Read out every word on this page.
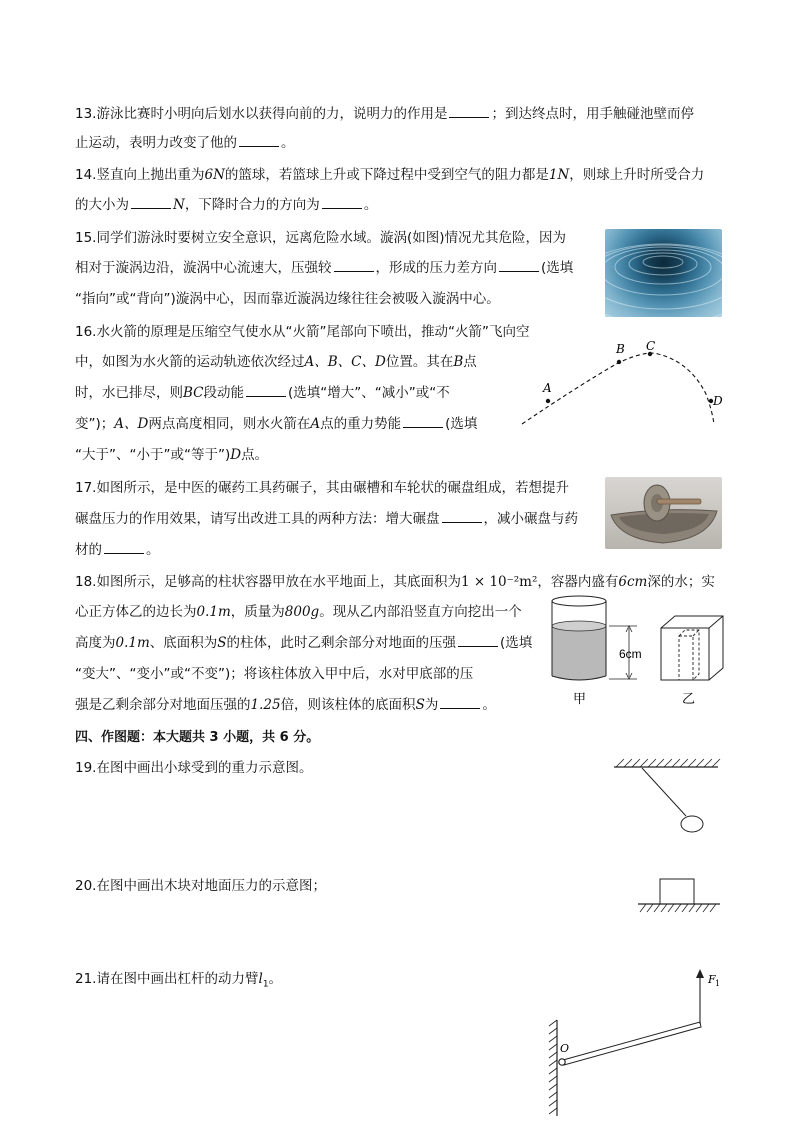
13.游泳比赛时小明向后划水以获得向前的力，说明力的作用是	；到达终点时，用手触碰池壁而停
止运动，表明力改变了他的	。
14.竖直向上抛出重为6N的篮球，若篮球上升或下降过程中受到空气的阻力都是1N，则球上升时所受合力
的大小为	N，下降时合力的方向为	。
15.同学们游泳时要树立安全意识，远离危险水域。漩涡(如图)情况尤其危险，因为
相对于漩涡边沿，漩涡中心流速大，压强较	，形成的压力差方向	(选填
“指向”或“背向”)漩涡中心，因而靠近漩涡边缘往往会被吸入漩涡中心。
16.水火箭的原理是压缩空气使水从“火箭”尾部向下喷出，推动“火箭”飞向空
中，如图为水火箭的运动轨迹依次经过A、B、C、D位置。其在B点
时，水已排尽，则BC段动能	(选填“增大”、“减小”或“不
变”)；A、D两点高度相同，则水火箭在A点的重力势能	(选填
“大于”、“小于”或“等于”)D点。
A
B C
D
17.如图所示，是中医的碾药工具药碾子，其由碾槽和车轮状的碾盘组成，若想提升
碾盘压力的作用效果，请写出改进工具的两种方法：增大碾盘	，减小碾盘与药
材的	。
18.如图所示，足够高的柱状容器甲放在水平地面上，其底面积为1 × 10⁻²m²，容器内盛有6cm深的水；实
心正方体乙的边长为0.1m，质量为800g。现从乙内部沿竖直方向挖出一个
高度为0.1m、底面积为S的柱体，此时乙剩余部分对地面的压强	(选填
“变大”、“变小”或“不变”)；将该柱体放入甲中后，水对甲底部的压
强是乙剩余部分对地面压强的1.25倍，则该柱体的底面积S为	。
6cm
甲	乙
四、作图题：本大题共 3 小题，共 6 分。
19.在图中画出小球受到的重力示意图。
20.在图中画出木块对地面压力的示意图；
21.请在图中画出杠杆的动力臂$l_1$。
O
F 1
